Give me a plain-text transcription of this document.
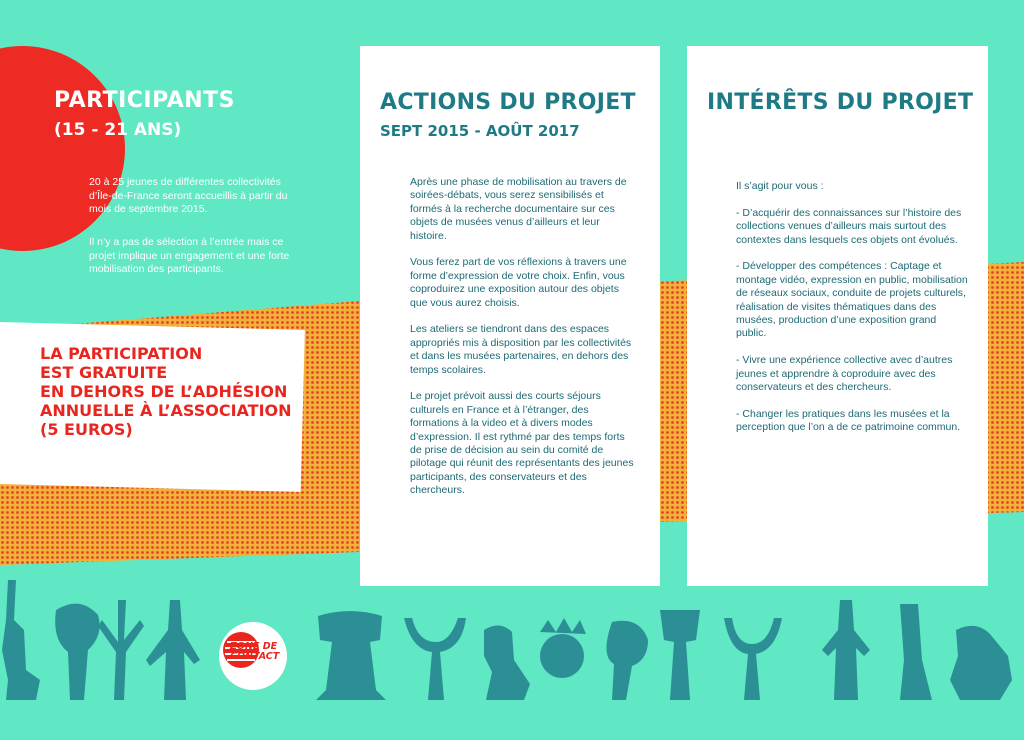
PARTICIPANTS
(15 - 21 ANS)
20 à 25 jeunes de différentes collectivités d’Île-de-France seront accueillis à partir du mois de septembre 2015.
Il n’y a pas de sélection à l’entrée mais ce projet implique un engagement et une forte mobilisation des participants.
LA PARTICIPATION
EST GRATUITE
EN DEHORS DE L’ADHÉSION
ANNUELLE À L’ASSOCIATION
(5 EUROS)
ACTIONS DU PROJET
SEPT 2015 - AOÛT 2017

Après une phase de mobilisation au travers de soirées-débats, vous serez sensibilisés et formés à la recherche documentaire sur ces objets de musées venus d’ailleurs et leur histoire.

Vous ferez part de vos réflexions à travers une forme d’expression de votre choix. Enfin, vous coproduirez une exposition autour des objets que vous aurez choisis.

Les ateliers se tiendront dans des espaces appropriés mis à disposition par les collectivités et dans les musées partenaires, en dehors des temps scolaires.

Le projet prévoit aussi des courts séjours culturels en France et à l’étranger, des formations à la video et à divers modes d’expression. Il est rythmé par des temps forts de prise de décision au sein du comité de pilotage qui réunit des représentants des jeunes participants, des conservateurs et des chercheurs.

INTÉRÊTS DU PROJET

Il s’agit pour vous :

- D’acquérir des connaissances sur l’histoire des collections venues d’ailleurs mais surtout des contextes dans lesquels ces objets ont évolués.

- Développer des compétences : Captage et montage vidéo, expression en public, mobilisation de réseaux sociaux, conduite de projets culturels, réalisation de visites thématiques dans des musées, production d’une exposition grand public.

- Vivre une expérience collective avec d’autres jeunes et apprendre à coproduire avec des conservateurs et des chercheurs.

- Changer les pratiques dans les musées et la perception que l’on a de ce patrimoine commun.

ZONE DE
CONTACT
